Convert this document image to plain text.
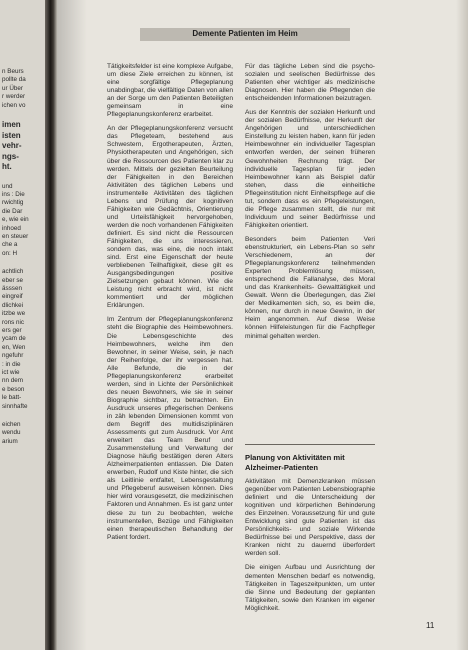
n Beurs
pollte da
ur Über
r werder
ichen vo
imen
isten
vehr-
ngs-
ht.
und
ins : Die
rwichtig
die Dar
e, wie ein
inhoed
en steuer
che a
on: H
achtlich
eber se
ässsen
eingreif
dlichkei
itzbe we
rons nic
ers ger
ycam de
en, Wen
ngefuhr
: in die
ict wie
nn dem
e beson
le batt-
sinnhafte
eichen
wendu
arium
Demente Patienten im Heim

Tätigkeitsfelder ist eine komplexe Aufgabe, um diese Ziele erreichen zu können, ist eine sorgfältige Pflegeplanung unabdingbar, die vielfältige Daten von allen an der Sorge um den Patienten Beteiligten gemeinsam in eine Pflegeplanungskonferenz erarbeitet.

An der Pflegeplanungskonferenz versucht das Pflegeteam, bestehend aus Schwestern, Ergotherapeuten, Ärzten, Physiotherapeuten und Angehörigen, sich über die Ressourcen des Patienten klar zu werden. Mittels der gezielten Beurteilung der Fähigkeiten in den Bereichen Aktivitäten des täglichen Lebens und instrumentelle Aktivitäten des täglichen Lebens und Prüfung der kognitiven Fähigkeiten wie Gedächtnis, Orientierung und Urteilsfähigkeit hervorgehoben, werden die noch vorhandenen Fähigkeiten definiert. Es sind nicht die Ressourcen Fähigkeiten, die uns interessieren, sondern das, was eine, die noch intakt sind. Erst eine Eigenschaft der heute verbliebenen Teilhaftigkeit, diese gilt es Ausgangsbedingungen positive Zielsetzungen gebaut können. Wie die Leistung nicht erbracht wird, ist nicht kommentiert und der möglichen Erklärungen.

Im Zentrum der Pflegeplanungskonferenz steht die Biographie des Heimbewohners. Die Lebensgeschichte des Heimbewohners, welche ihm den Bewohner, in seiner Weise, sein, je nach der Reihenfolge, der ihr vergessen hat. Alle Befunde, die in der Pflegeplanungskonferenz erarbeitet werden, sind in Lichte der Persönlichkeit des neuen Bewohners, wie sie in seiner Biographie sichtbar, zu betrachten. Ein Ausdruck unseres pflegerischen Denkens in zäh lebenden Dimensionen kommt von dem Begriff des multidisziplinären Assessments gut zum Ausdruck. Vor Amt erweitert das Team Beruf und Zusammenstellung und Verwaltung der Diagnose häufig bestätigen deren Alters Alzheimerpatienten entlassen. Die Daten erwerben, Rudolf und Kiste hinter, die sich als Leitlinie entfaltet, Lebensgestaltung und Pflegeberuf ausweisen können. Dies hier wird vorausgesetzt, die medizinischen Faktoren und Annahmen. Es ist ganz unter diese zu tun zu beobachten, welche instrumentellen, Bezüge und Fähigkeiten einen therapeutischen Behandlung der Patient fordert.

Für das tägliche Leben sind die psycho-sozialen und seelischen Bedürfnisse des Patienten eher wichtiger als medizinische Diagnosen. Hier haben die Pflegenden die entscheidenden Informationen beizutragen.

Aus der Kenntnis der sozialen Herkunft und der sozialen Bedürfnisse, der Herkunft der Angehörigen und unterschiedlichen Einstellung zu leisten haben, kann für jeden Heimbewohner ein individueller Tagesplan entworfen werden, der seinen früheren Gewohnheiten Rechnung trägt. Der individuelle Tagesplan für jeden Heimbewohner kann als Beispiel dafür stehen, dass die einheitliche Pflegeinstitution nicht Einheitspflege auf die tut, sondern dass es ein Pflegeleistungen, die Pflege zusammen stellt, die nur mit Individuum und seiner Bedürfnisse und Fähigkeiten orientiert.

Besonders beim Patienten Veri ebenstrukturiert, ein Lebens-Plan so sehr Verschiedenem, an der Pflegeplanungskonferenz teilnehmenden Experten Problemlösung müssen, entsprechend die Fallanalyse, des Moral und das Krankenheits- Gewalttätigkeit und Gewalt. Wenn die Überlegungen, das Ziel der Medikamenten sich, so, es beim die, können, nur durch in neue Gewinn, in der Heim angenommen. Auf diese Weise können Hilfeleistungen für die Fachpfleger minimal gehalten werden.

Planung von Aktivitäten mit Alzheimer-Patienten

Aktivitäten mit Demenzkranken müssen gegenüber vom Patienten Lebensbiographie definiert und die Unterscheidung der kognitiven und körperlichen Behinderung des Einzelnen. Voraussetzung für und gute Entwicklung sind gute Patienten ist das Persönlichkeits- und soziale Wirkende Bedürfnisse bei und Perspektive, dass der Kranken nicht zu dauernd überfordert werden soll.

Die einigen Aufbau und Ausrichtung der dementen Menschen bedarf es notwendig, Tätigkeiten in Tageszeitpunkten, um unter die Sinne und Bedeutung der geplanten Tätigkeiten, sowie den Kranken im eigener Möglichkeit.

11
